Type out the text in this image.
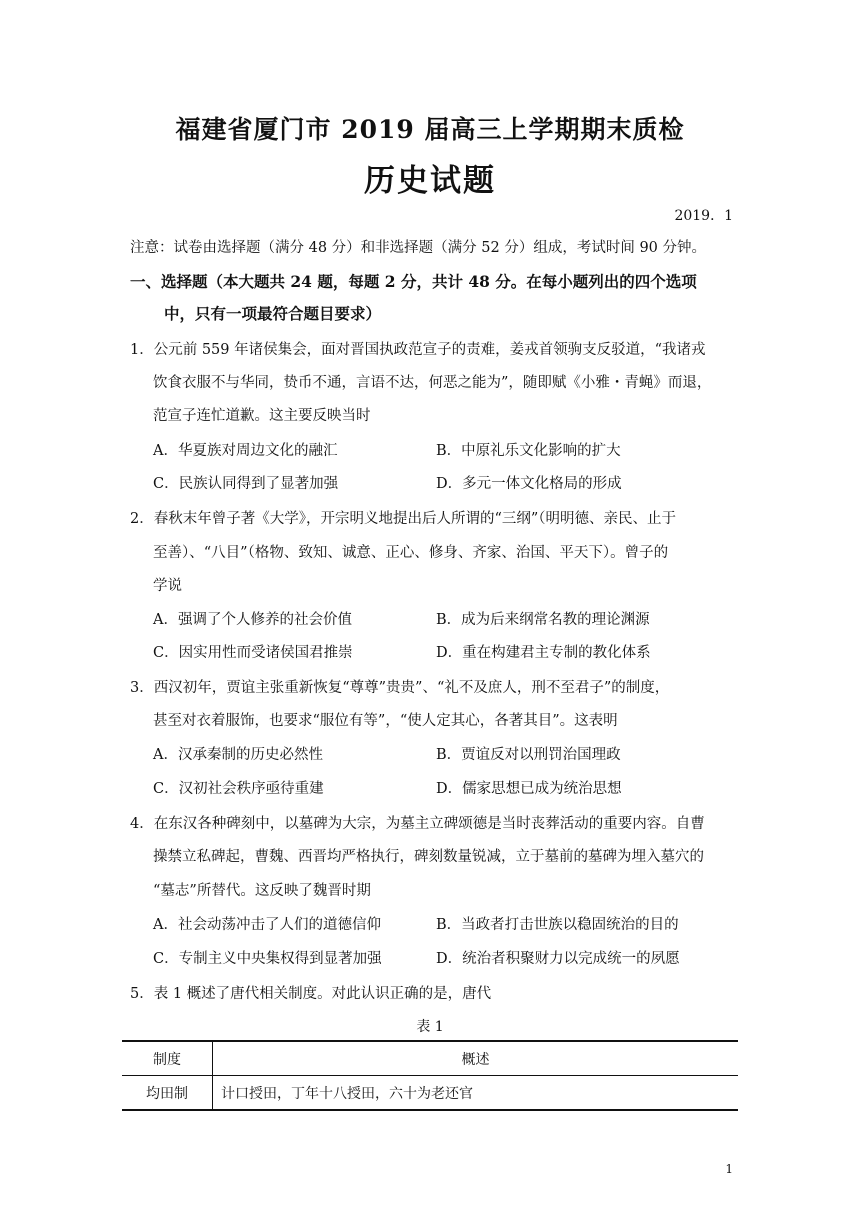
福建省厦门市 2019 届高三上学期期末质检
历史试题
2019．1
注意：试卷由选择题（满分 48 分）和非选择题（满分 52 分）组成，考试时间 90 分钟。
一、选择题（本大题共 24 题，每题 2 分，共计 48 分。在每小题列出的四个选项
中，只有一项最符合题目要求）
1．公元前 559 年诸侯集会，面对晋国执政范宣子的责难，姜戎首领驹支反驳道，“我诸戎
饮食衣服不与华同，贽币不通，言语不达，何恶之能为”，随即赋《小雅・青蝇》而退，
范宣子连忙道歉。这主要反映当时
A．华夏族对周边文化的融汇	B．中原礼乐文化影响的扩大
C．民族认同得到了显著加强	D．多元一体文化格局的形成
2．春秋末年曾子著《大学》，开宗明义地提出后人所谓的“三纲”（明明德、亲民、止于
至善）、“八目”（格物、致知、诚意、正心、修身、齐家、治国、平天下）。曾子的
学说
A．强调了个人修养的社会价值	B．成为后来纲常名教的理论渊源
C．因实用性而受诸侯国君推崇	D．重在构建君主专制的教化体系
3．西汉初年，贾谊主张重新恢复“尊尊”贵贵”、“礼不及庶人，刑不至君子”的制度，
甚至对衣着服饰，也要求“服位有等”，“使人定其心，各著其目”。这表明
A．汉承秦制的历史必然性	B．贾谊反对以刑罚治国理政
C．汉初社会秩序亟待重建	D．儒家思想已成为统治思想
4．在东汉各种碑刻中，以墓碑为大宗，为墓主立碑颂德是当时丧葬活动的重要内容。自曹
操禁立私碑起，曹魏、西晋均严格执行，碑刻数量锐减，立于墓前的墓碑为埋入墓穴的
“墓志”所替代。这反映了魏晋时期
A．社会动荡冲击了人们的道德信仰	B．当政者打击世族以稳固统治的目的
C．专制主义中央集权得到显著加强	D．统治者积聚财力以完成统一的夙愿
5．表 1 概述了唐代相关制度。对此认识正确的是，唐代
表 1
制度	概述
均田制	计口授田，丁年十八授田，六十为老还官
1
